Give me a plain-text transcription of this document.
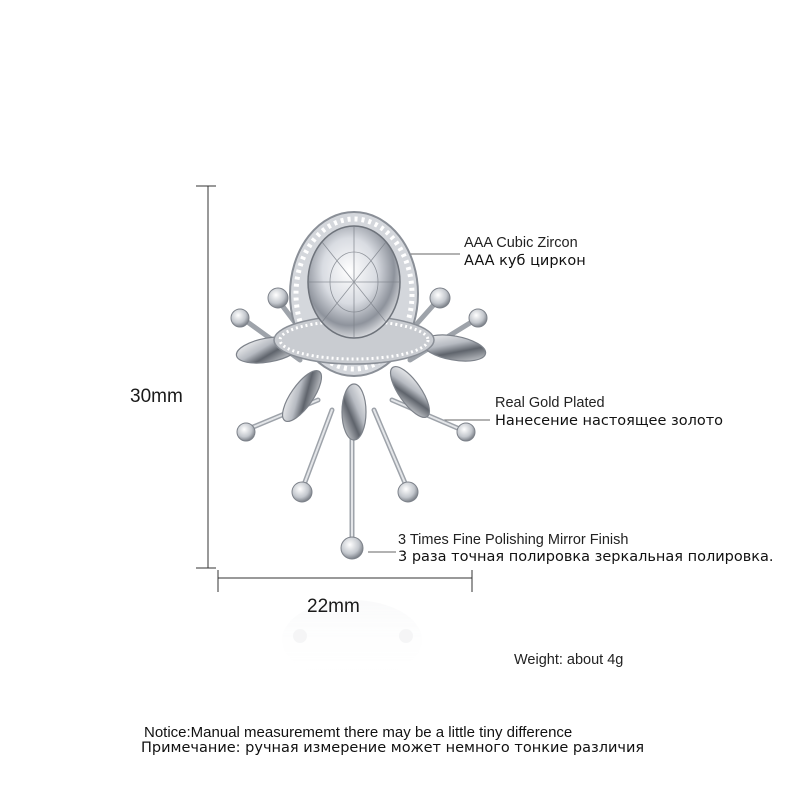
AAA Cubic Zircon

AAA куб циркон

Real Gold Plated

Нанесение настоящее золото

3 Times Fine Polishing Mirror Finish

3 раза точная полировка зеркальная полировка.

30mm

22mm

Weight: about 4g

Notice:Manual measurememt there may be a little tiny difference

Примечание: ручная измерение может немного тонкие различия
